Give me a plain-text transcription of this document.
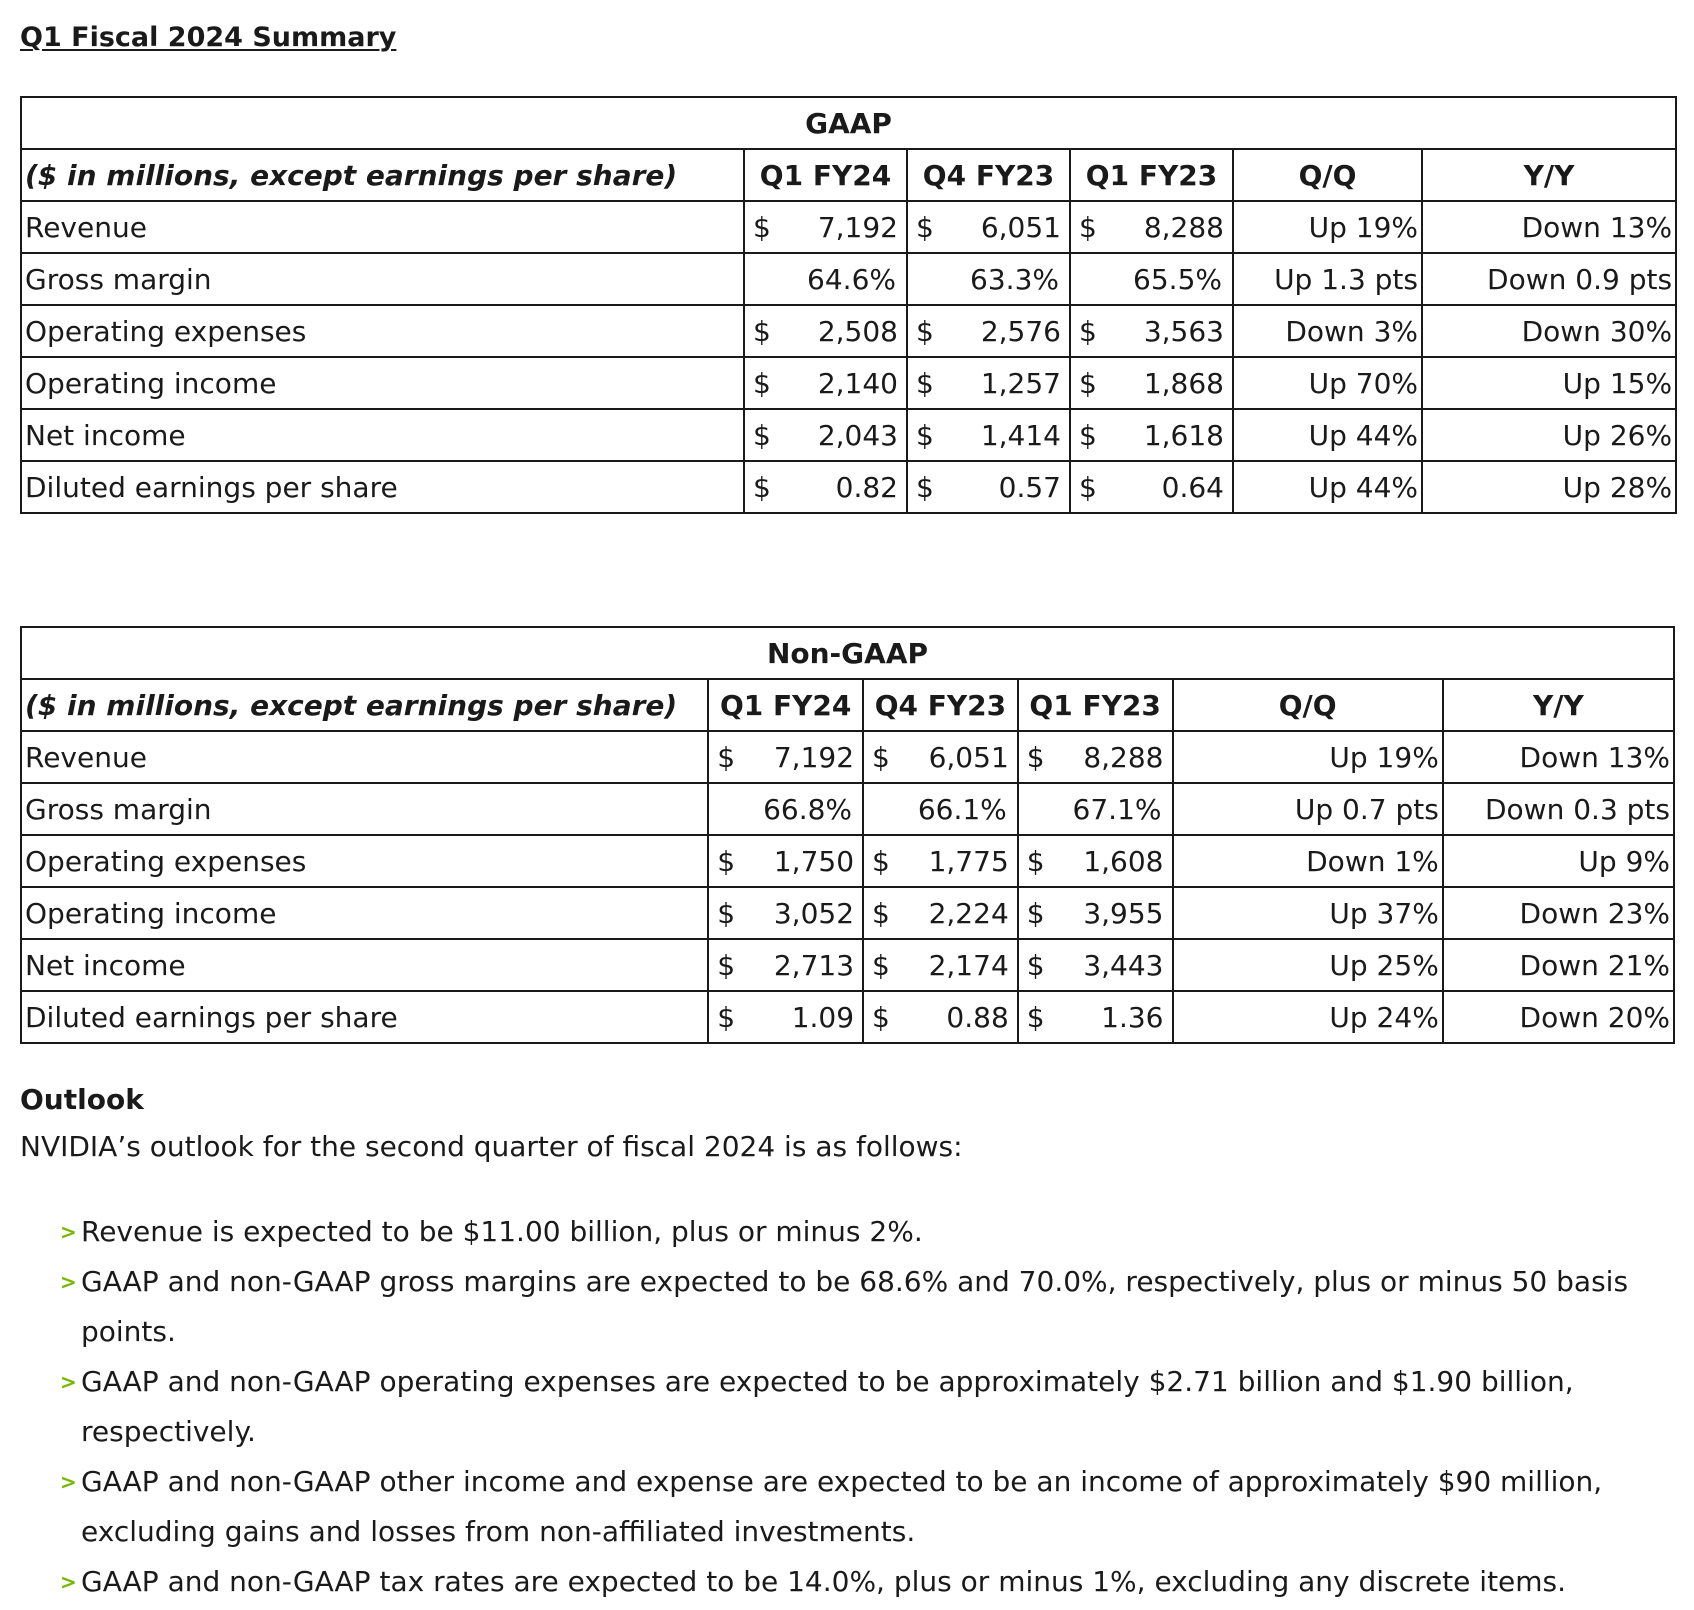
Q1 Fiscal 2024 Summary
GAAP					
($ in millions, except earnings per share)	Q1 FY24	Q4 FY23	Q1 FY23	Q/Q	Y/Y
Revenue	$ 7,192	$ 6,051	$ 8,288	Up 19%	Down 13%
Gross margin	64.6%	63.3%	65.5%	Up 1.3 pts	Down 0.9 pts
Operating expenses	$ 2,508	$ 2,576	$ 3,563	Down 3%	Down 30%
Operating income	$ 2,140	$ 1,257	$ 1,868	Up 70%	Up 15%
Net income	$ 2,043	$ 1,414	$ 1,618	Up 44%	Up 26%
Diluted earnings per share	$ 0.82	$ 0.57	$ 0.64	Up 44%	Up 28%
Non-GAAP					
($ in millions, except earnings per share)	Q1 FY24	Q4 FY23	Q1 FY23	Q/Q	Y/Y
Revenue	$ 7,192	$ 6,051	$ 8,288	Up 19%	Down 13%
Gross margin	66.8%	66.1%	67.1%	Up 0.7 pts	Down 0.3 pts
Operating expenses	$ 1,750	$ 1,775	$ 1,608	Down 1%	Up 9%
Operating income	$ 3,052	$ 2,224	$ 3,955	Up 37%	Down 23%
Net income	$ 2,713	$ 2,174	$ 3,443	Up 25%	Down 21%
Diluted earnings per share	$ 1.09	$ 0.88	$ 1.36	Up 24%	Down 20%
Outlook

NVIDIA’s outlook for the second quarter of fiscal 2024 is as follows:

> Revenue is expected to be $11.00 billion, plus or minus 2%.
> GAAP and non-GAAP gross margins are expected to be 68.6% and 70.0%, respectively, plus or minus 50 basis points.
> GAAP and non-GAAP operating expenses are expected to be approximately $2.71 billion and $1.90 billion, respectively.
> GAAP and non-GAAP other income and expense are expected to be an income of approximately $90 million, excluding gains and losses from non-affiliated investments.
> GAAP and non-GAAP tax rates are expected to be 14.0%, plus or minus 1%, excluding any discrete items.
